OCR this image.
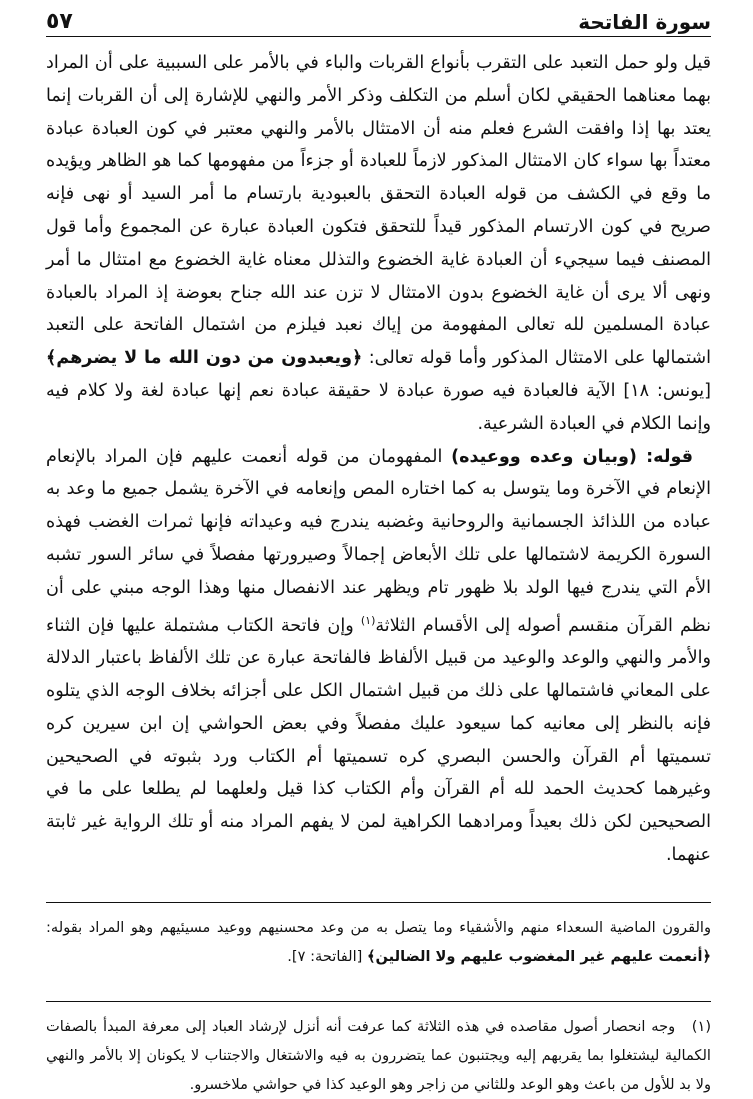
سورة الفاتحة
٥٧

قيل ولو حمل التعبد على التقرب بأنواع القربات والباء في بالأمر على السببية على أن المراد بهما معناهما الحقيقي لكان أسلم من التكلف وذكر الأمر والنهي للإشارة إلى أن القربات إنما يعتد بها إذا وافقت الشرع فعلم منه أن الامتثال بالأمر والنهي معتبر في كون العبادة عبادة معتداً بها سواء كان الامتثال المذكور لازماً للعبادة أو جزءاً من مفهومها كما هو الظاهر ويؤيده ما وقع في الكشف من قوله العبادة التحقق بالعبودية بارتسام ما أمر السيد أو نهى فإنه صريح في كون الارتسام المذكور قيداً للتحقق فتكون العبادة عبارة عن المجموع وأما قول المصنف فيما سيجيء أن العبادة غاية الخضوع والتذلل معناه غاية الخضوع مع امتثال ما أمر ونهى ألا يرى أن غاية الخضوع بدون الامتثال لا تزن عند الله جناح بعوضة إذ المراد بالعبادة عبادة المسلمين لله تعالى المفهومة من إياك نعبد فيلزم من اشتمال الفاتحة على التعبد اشتمالها على الامتثال المذكور وأما قوله تعالى: ﴿ويعبدون من دون الله ما لا يضرهم﴾ [يونس: ١٨] الآية فالعبادة فيه صورة عبادة لا حقيقة عبادة نعم إنها عبادة لغة ولا كلام فيه وإنما الكلام في العبادة الشرعية.

قوله: (وبيان وعده ووعيده) المفهومان من قوله أنعمت عليهم فإن المراد بالإنعام الإنعام في الآخرة وما يتوسل به كما اختاره المص وإنعامه في الآخرة يشمل جميع ما وعد به عباده من اللذائذ الجسمانية والروحانية وغضبه يندرج فيه وعيداته فإنها ثمرات الغضب فهذه السورة الكريمة لاشتمالها على تلك الأبعاض إجمالاً وصيرورتها مفصلاً في سائر السور تشبه الأم التي يندرج فيها الولد بلا ظهور تام ويظهر عند الانفصال منها وهذا الوجه مبني على أن نظم القرآن منقسم أصوله إلى الأقسام الثلاثة$^{(١)}$ وإن فاتحة الكتاب مشتملة عليها فإن الثناء والأمر والنهي والوعد والوعيد من قبيل الألفاظ فالفاتحة عبارة عن تلك الألفاظ باعتبار الدلالة على المعاني فاشتمالها على ذلك من قبيل اشتمال الكل على أجزائه بخلاف الوجه الذي يتلوه فإنه بالنظر إلى معانيه كما سيعود عليك مفصلاً وفي بعض الحواشي إن ابن سيرين كره تسميتها أم القرآن والحسن البصري كره تسميتها أم الكتاب ورد بثبوته في الصحيحين وغيرهما كحديث الحمد لله أم القرآن وأم الكتاب كذا قيل ولعلهما لم يطلعا على ما في الصحيحين لكن ذلك بعيداً ومرادهما الكراهية لمن لا يفهم المراد منه أو تلك الرواية غير ثابتة عنهما.

والقرون الماضية السعداء منهم والأشقياء وما يتصل به من وعد محسنيهم ووعيد مسيئيهم وهو المراد بقوله: ﴿أنعمت عليهم غير المغضوب عليهم ولا الضالين﴾ [الفاتحة: ٧].

(١) وجه انحصار أصول مقاصده في هذه الثلاثة كما عرفت أنه أنزل لإرشاد العباد إلى معرفة المبدأ بالصفات الكمالية ليشتغلوا بما يقربهم إليه ويجتنبون عما يتضررون به فيه والاشتغال والاجتناب لا يكونان إلا بالأمر والنهي ولا بد للأول من باعث وهو الوعد وللثاني من زاجر وهو الوعيد كذا في حواشي ملاخسرو.
